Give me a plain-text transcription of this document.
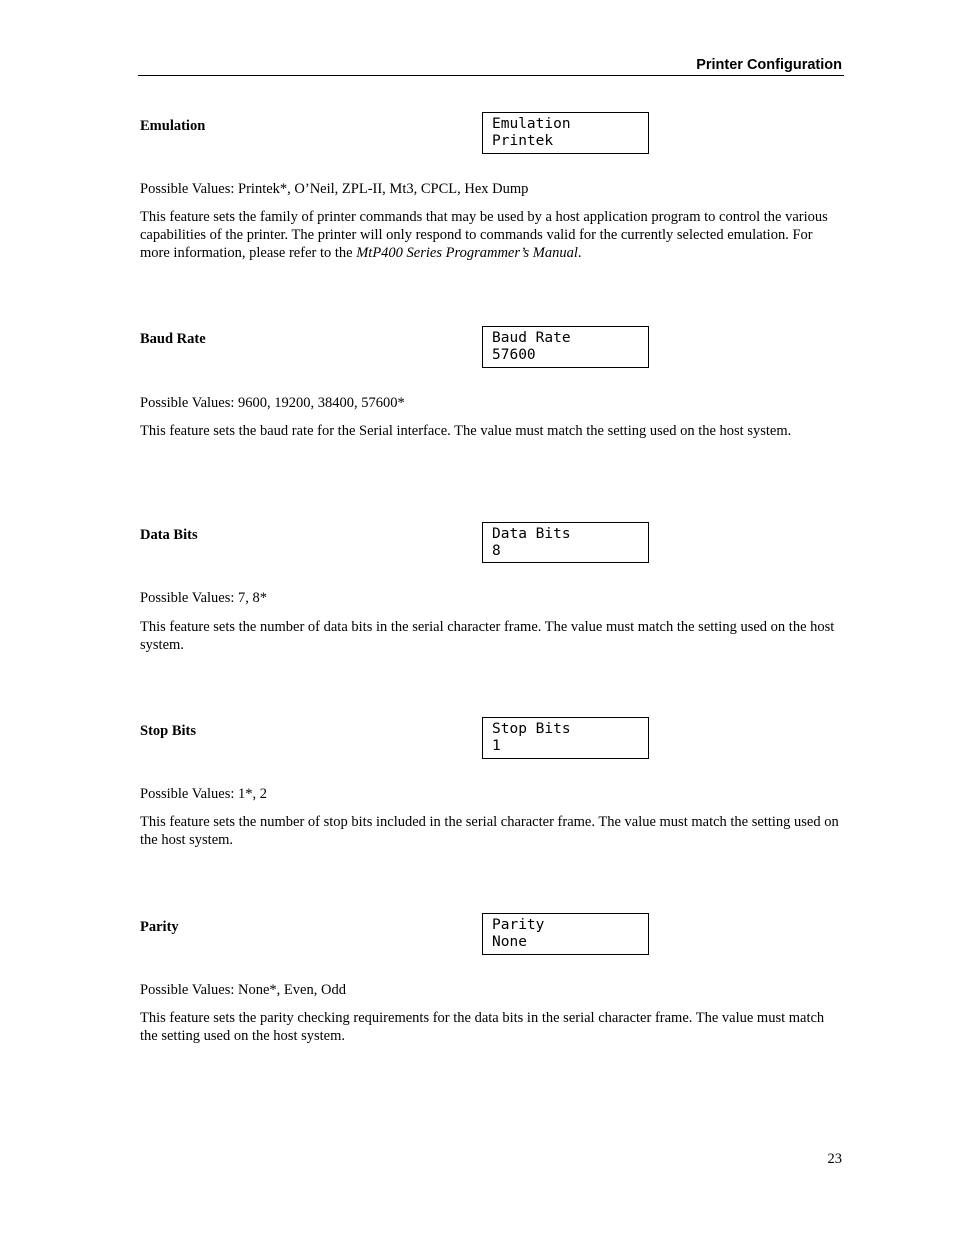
Printer Configuration
Emulation	Emulation
Printek
Possible Values: Printek*, O’Neil, ZPL-II, Mt3, CPCL, Hex Dump
This feature sets the family of printer commands that may be used by a host application program to control the various capabilities of the printer. The printer will only respond to commands valid for the currently selected emulation. For more information, please refer to the MtP400 Series Programmer’s Manual.
Baud Rate	Baud Rate
57600
Possible Values: 9600, 19200, 38400, 57600*
This feature sets the baud rate for the Serial interface. The value must match the setting used on the host system.
Data Bits	Data Bits
8
Possible Values: 7, 8*
This feature sets the number of data bits in the serial character frame. The value must match the setting used on the host system.
Stop Bits	Stop Bits
1
Possible Values: 1*, 2
This feature sets the number of stop bits included in the serial character frame. The value must match the setting used on the host system.
Parity	Parity
None
Possible Values: None*, Even, Odd
This feature sets the parity checking requirements for the data bits in the serial character frame. The value must match the setting used on the host system.
23
